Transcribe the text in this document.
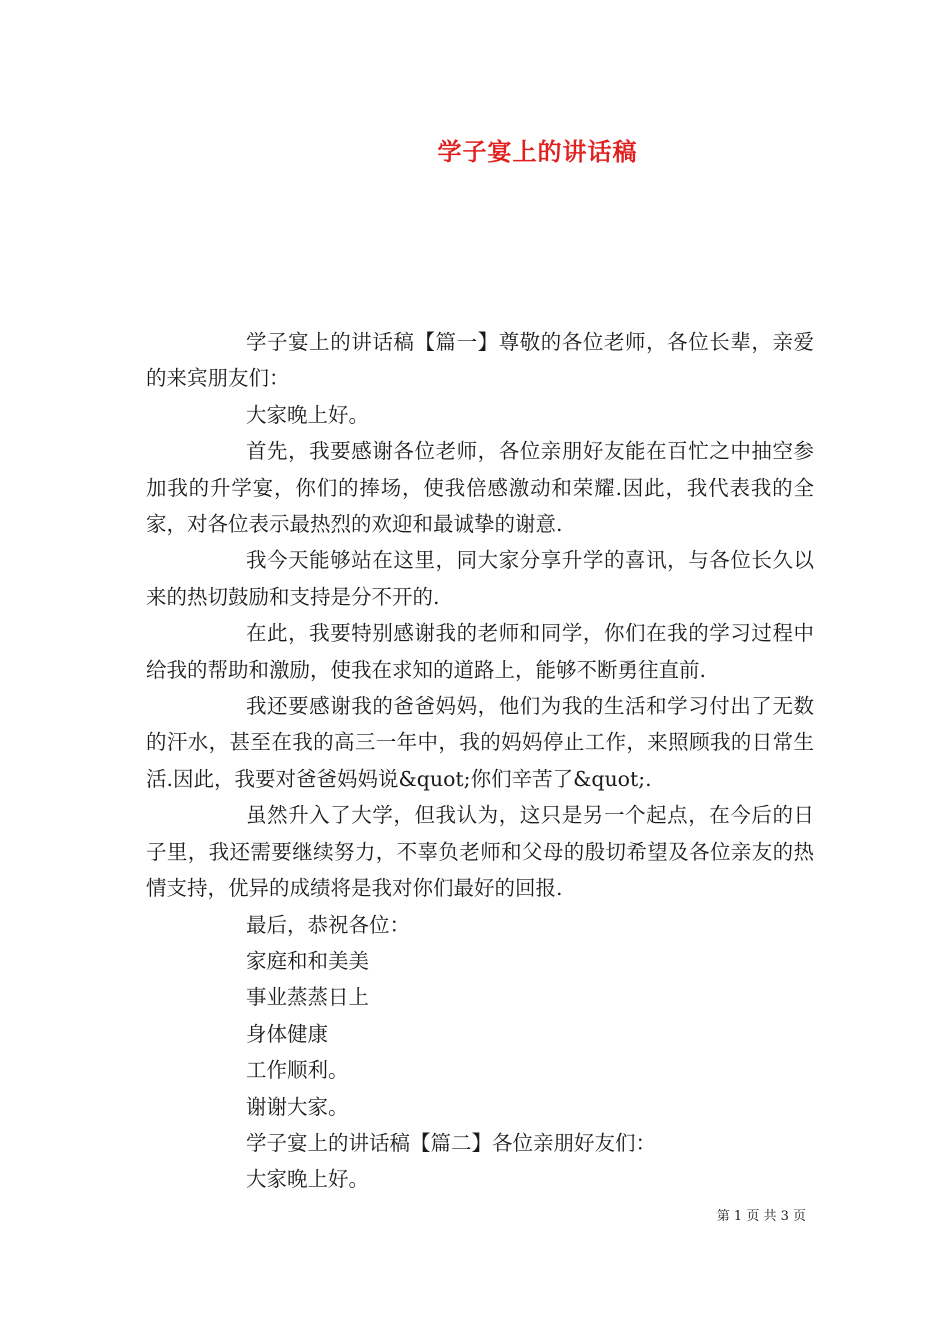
学子宴上的讲话稿

学子宴上的讲话稿【篇一】尊敬的各位老师，各位长辈，亲爱的来宾朋友们：

大家晚上好。

首先，我要感谢各位老师，各位亲朋好友能在百忙之中抽空参加我的升学宴，你们的捧场，使我倍感激动和荣耀.因此，我代表我的全家，对各位表示最热烈的欢迎和最诚挚的谢意.

我今天能够站在这里，同大家分享升学的喜讯，与各位长久以来的热切鼓励和支持是分不开的.

在此，我要特别感谢我的老师和同学，你们在我的学习过程中给我的帮助和激励，使我在求知的道路上，能够不断勇往直前.

我还要感谢我的爸爸妈妈，他们为我的生活和学习付出了无数的汗水，甚至在我的高三一年中，我的妈妈停止工作，来照顾我的日常生活.因此，我要对爸爸妈妈说&quot;你们辛苦了&quot;.

虽然升入了大学，但我认为，这只是另一个起点，在今后的日子里，我还需要继续努力，不辜负老师和父母的殷切希望及各位亲友的热情支持，优异的成绩将是我对你们最好的回报.

最后，恭祝各位：

家庭和和美美

事业蒸蒸日上

身体健康

工作顺利。

谢谢大家。

学子宴上的讲话稿【篇二】各位亲朋好友们：

大家晚上好。

第 1 页 共 3 页
